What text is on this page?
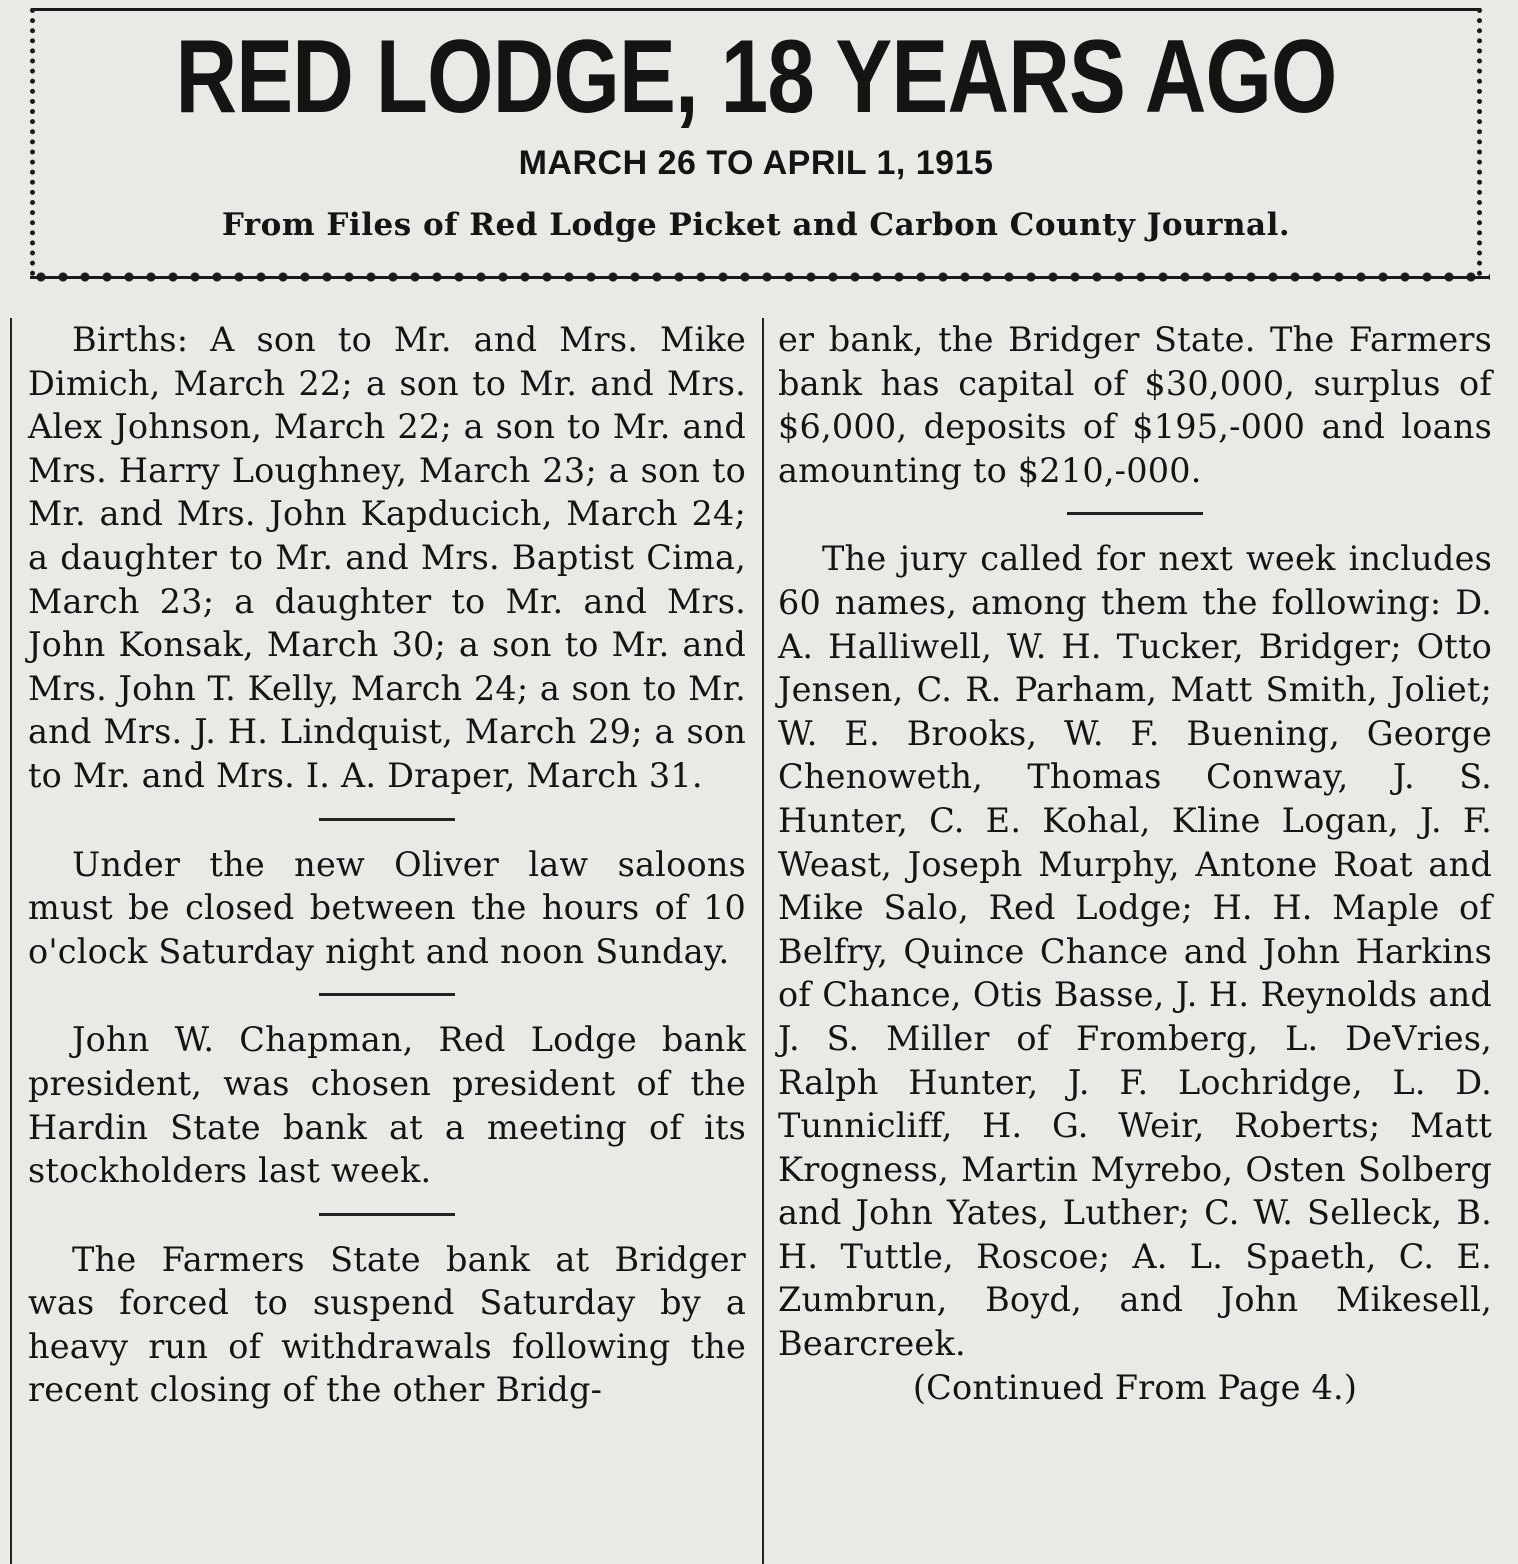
RED LODGE, 18 YEARS AGO
MARCH 26 TO APRIL 1, 1915
From Files of Red Lodge Picket and Carbon County Journal.

Births: A son to Mr. and Mrs. Mike Dimich, March 22; a son to Mr. and Mrs. Alex Johnson, March 22; a son to Mr. and Mrs. Harry Loughney, March 23; a son to Mr. and Mrs. John Kapducich, March 24; a daughter to Mr. and Mrs. Baptist Cima, March 23; a daughter to Mr. and Mrs. John Konsak, March 30; a son to Mr. and Mrs. John T. Kelly, March 24; a son to Mr. and Mrs. J. H. Lindquist, March 29; a son to Mr. and Mrs. I. A. Draper, March 31.

Under the new Oliver law saloons must be closed between the hours of 10 o'clock Saturday night and noon Sunday.

John W. Chapman, Red Lodge bank president, was chosen president of the Hardin State bank at a meeting of its stockholders last week.

The Farmers State bank at Bridger was forced to suspend Saturday by a heavy run of withdrawals following the recent closing of the other Bridg-

er bank, the Bridger State. The Farmers bank has capital of $30,000, surplus of $6,000, deposits of $195,-000 and loans amounting to $210,-000.

The jury called for next week includes 60 names, among them the following: D. A. Halliwell, W. H. Tucker, Bridger; Otto Jensen, C. R. Parham, Matt Smith, Joliet; W. E. Brooks, W. F. Buening, George Chenoweth, Thomas Conway, J. S. Hunter, C. E. Kohal, Kline Logan, J. F. Weast, Joseph Murphy, Antone Roat and Mike Salo, Red Lodge; H. H. Maple of Belfry, Quince Chance and John Harkins of Chance, Otis Basse, J. H. Reynolds and J. S. Miller of Fromberg, L. DeVries, Ralph Hunter, J. F. Lochridge, L. D. Tunnicliff, H. G. Weir, Roberts; Matt Krogness, Martin Myrebo, Osten Solberg and John Yates, Luther; C. W. Selleck, B. H. Tuttle, Roscoe; A. L. Spaeth, C. E. Zumbrun, Boyd, and John Mikesell, Bearcreek.

(Continued From Page 4.)
